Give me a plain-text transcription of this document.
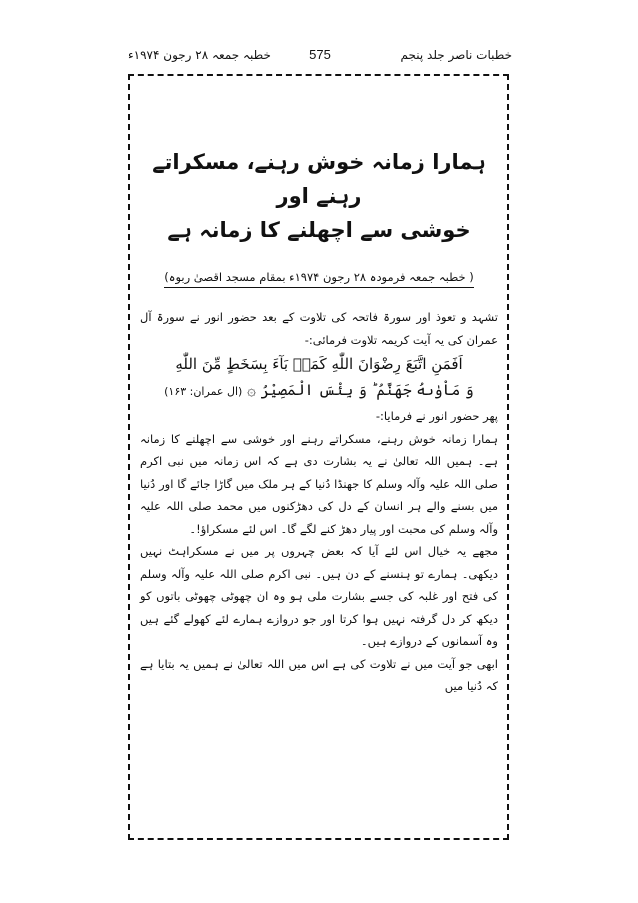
خطبہ جمعہ ۲۸ رجون ۱۹۷۴ء	575	خطبات ناصر جلد پنجم

ہمارا زمانہ خوش رہنے، مسکراتے رہنے اور

خوشی سے اچھلنے کا زمانہ ہے

( خطبہ جمعہ فرمودہ ۲۸ رجون ۱۹۷۴ء بمقام مسجد اقصیٰ ربوہ)

تشہد و تعوذ اور سورۃ فاتحہ کی تلاوت کے بعد حضور انور نے سورۃ آل عمران کی یہ آیت کریمہ تلاوت فرمائی:-

اَفَمَنِ اتَّبَعَ رِضْوَانَ اللّٰهِ كَمَنۢ بَآءَ بِسَخَطٍ مِّنَ اللّٰهِ

وَ مَاْوٰىهُ جَهَنَّمُ ؕ وَ بِئْسَ الْمَصِيْرُ ۞ (ال عمران: ۱۶۳)

پھر حضور انور نے فرمایا:-

ہمارا زمانہ خوش رہنے، مسکراتے رہنے اور خوشی سے اچھلنے کا زمانہ ہے۔ ہمیں اللہ تعالیٰ نے یہ بشارت دی ہے کہ اس زمانہ میں نبی اکرم صلی اللہ علیہ وآلہ وسلم کا جھنڈا دُنیا کے ہر ملک میں گاڑا جائے گا اور دُنیا میں بسنے والے ہر انسان کے دل کی دھڑکنوں میں محمد صلی اللہ علیہ وآلہ وسلم کی محبت اور پیار دھڑ کنے لگے گا۔ اس لئے مسکراؤ!۔

مجھے یہ خیال اس لئے آیا کہ بعض چہروں پر میں نے مسکراہٹ نہیں دیکھی۔ ہمارے تو ہنسنے کے دن ہیں۔ نبی اکرم صلی اللہ علیہ وآلہ وسلم کی فتح اور غلبہ کی جسے بشارت ملی ہو وہ ان چھوٹی چھوٹی باتوں کو دیکھ کر دل گرفتہ نہیں ہوا کرتا اور جو دروازے ہمارے لئے کھولے گئے ہیں وہ آسمانوں کے دروازے ہیں۔

ابھی جو آیت میں نے تلاوت کی ہے اس میں اللہ تعالیٰ نے ہمیں یہ بتایا ہے کہ دُنیا میں
